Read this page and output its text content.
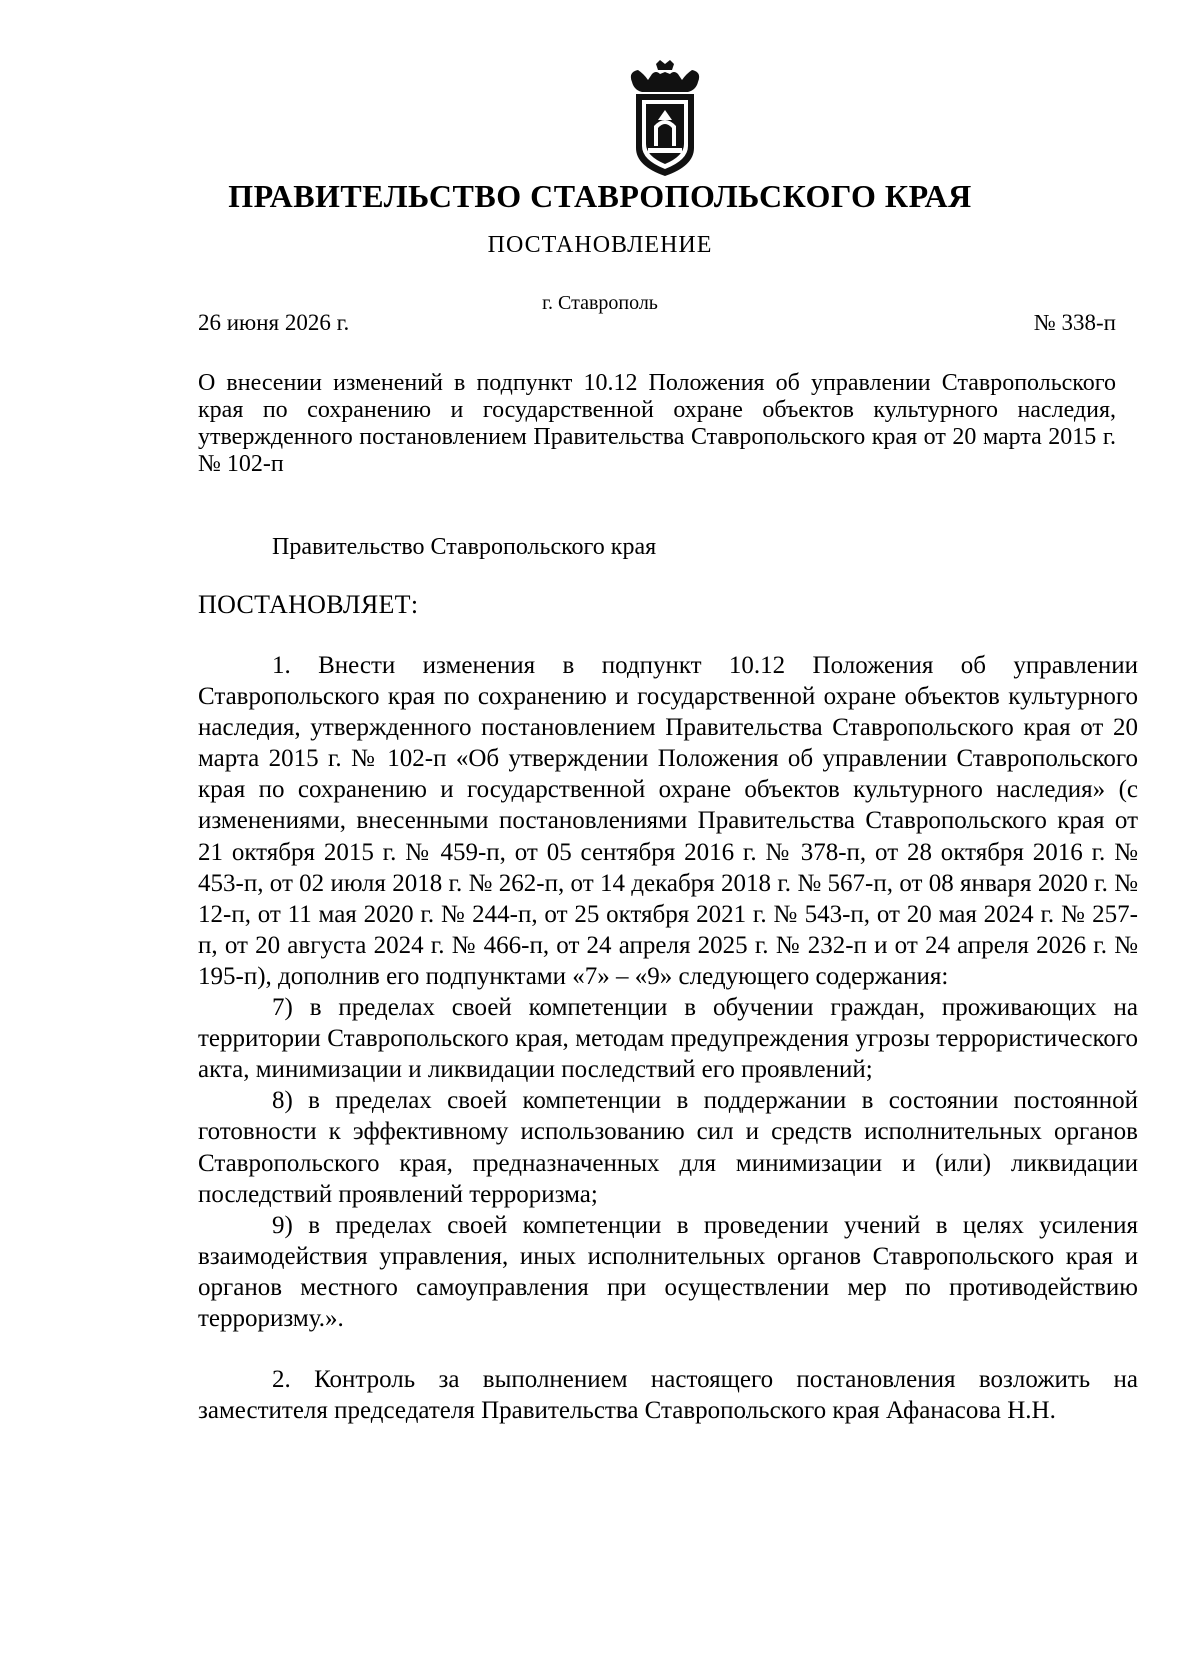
ПРАВИТЕЛЬСТВО СТАВРОПОЛЬСКОГО КРАЯ
ПОСТАНОВЛЕНИЕ
26 июня 2026 г.
г. Ставрополь
№ 338-п
О внесении изменений в подпункт 10.12 Положения об управлении Ставропольского края по сохранению и государственной охране объектов культурного наследия, утвержденного постановлением Правительства Ставропольского края от 20 марта 2015 г. № 102-п
Правительство Ставропольского края
ПОСТАНОВЛЯЕТ:

1. Внести изменения в подпункт 10.12 Положения об управлении Ставропольского края по сохранению и государственной охране объектов культурного наследия, утвержденного постановлением Правительства Ставропольского края от 20 марта 2015 г. № 102-п «Об утверждении Положения об управлении Ставропольского края по сохранению и государственной охране объектов культурного наследия» (с изменениями, внесенными постановлениями Правительства Ставропольского края от 21 октября 2015 г. № 459-п, от 05 сентября 2016 г. № 378-п, от 28 октября 2016 г. № 453-п, от 02 июля 2018 г. № 262-п, от 14 декабря 2018 г. № 567-п, от 08 января 2020 г. № 12-п, от 11 мая 2020 г. № 244-п, от 25 октября 2021 г. № 543-п, от 20 мая 2024 г. № 257-п, от 20 августа 2024 г. № 466-п, от 24 апреля 2025 г. № 232-п и от 24 апреля 2026 г. № 195-п), дополнив его подпунктами «7» – «9» следующего содержания:

7) в пределах своей компетенции в обучении граждан, проживающих на территории Ставропольского края, методам предупреждения угрозы террористического акта, минимизации и ликвидации последствий его проявлений;

8) в пределах своей компетенции в поддержании в состоянии постоянной готовности к эффективному использованию сил и средств исполнительных органов Ставропольского края, предназначенных для минимизации и (или) ликвидации последствий проявлений терроризма;

9) в пределах своей компетенции в проведении учений в целях усиления взаимодействия управления, иных исполнительных органов Ставропольского края и органов местного самоуправления при осуществлении мер по противодействию терроризму.».

2. Контроль за выполнением настоящего постановления возложить на заместителя председателя Правительства Ставропольского края Афанасова Н.Н.
